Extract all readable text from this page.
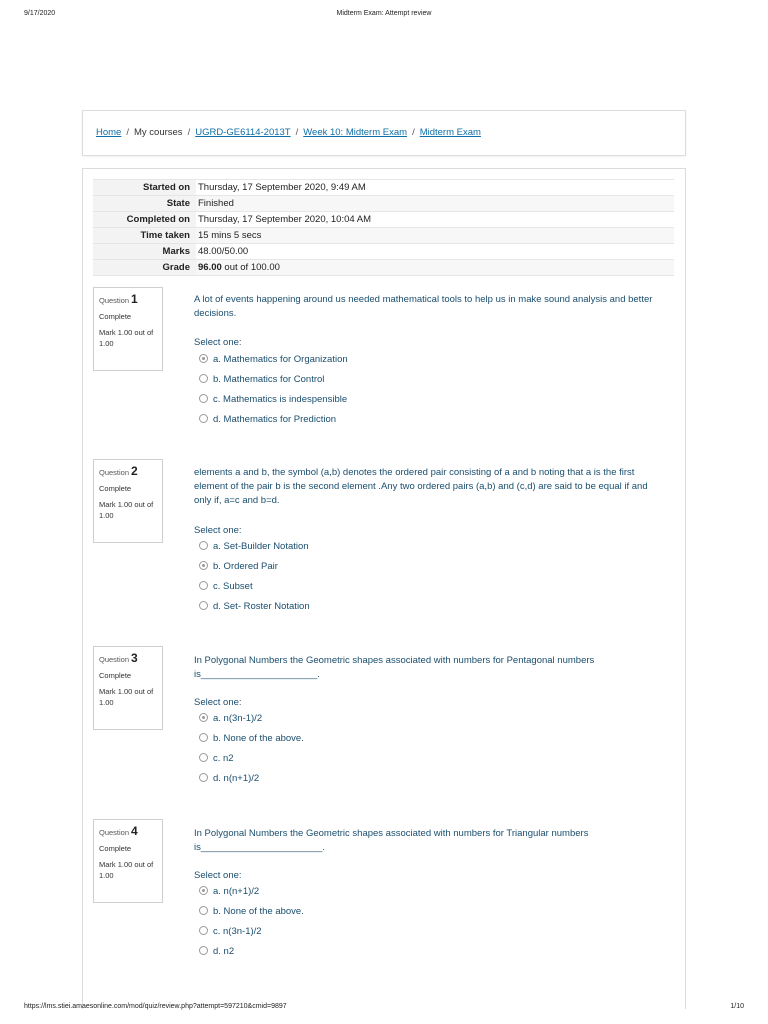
9/17/2020	Midterm Exam: Attempt review
Home / My courses / UGRD-GE6114-2013T / Week 10: Midterm Exam / Midterm Exam
Started on	Thursday, 17 September 2020, 9:49 AM
State	Finished
Completed on	Thursday, 17 September 2020, 10:04 AM
Time taken	15 mins 5 secs
Marks	48.00/50.00
Grade	96.00 out of 100.00
Question 1
Complete
Mark 1.00 out of 1.00
A lot of events happening around us needed mathematical tools to help us in make sound analysis and better decisions.
Select one:
a. Mathematics for Organization
b. Mathematics for Control
c. Mathematics is indespensible
d. Mathematics for Prediction
Question 2
Complete
Mark 1.00 out of 1.00
elements a and b, the symbol (a,b) denotes the ordered pair consisting of a and b noting that a is the first element of the pair b is the second element .Any two ordered pairs (a,b) and (c,d) are said to be equal if and only if, a=c and b=d.
Select one:
a. Set-Builder Notation
b. Ordered Pair
c. Subset
d. Set- Roster Notation
Question 3
Complete
Mark 1.00 out of 1.00
In Polygonal Numbers the Geometric shapes associated with numbers for Pentagonal numbers is______________________.
Select one:
a. n(3n-1)/2
b. None of the above.
c. n2
d. n(n+1)/2
Question 4
Complete
Mark 1.00 out of 1.00
In Polygonal Numbers the Geometric shapes associated with numbers for Triangular numbers is_______________________.
Select one:
a. n(n+1)/2
b. None of the above.
c. n(3n-1)/2
d. n2
https://lms.stiei.amaesonline.com/mod/quiz/review.php?attempt=597210&cmid=9897	1/10
